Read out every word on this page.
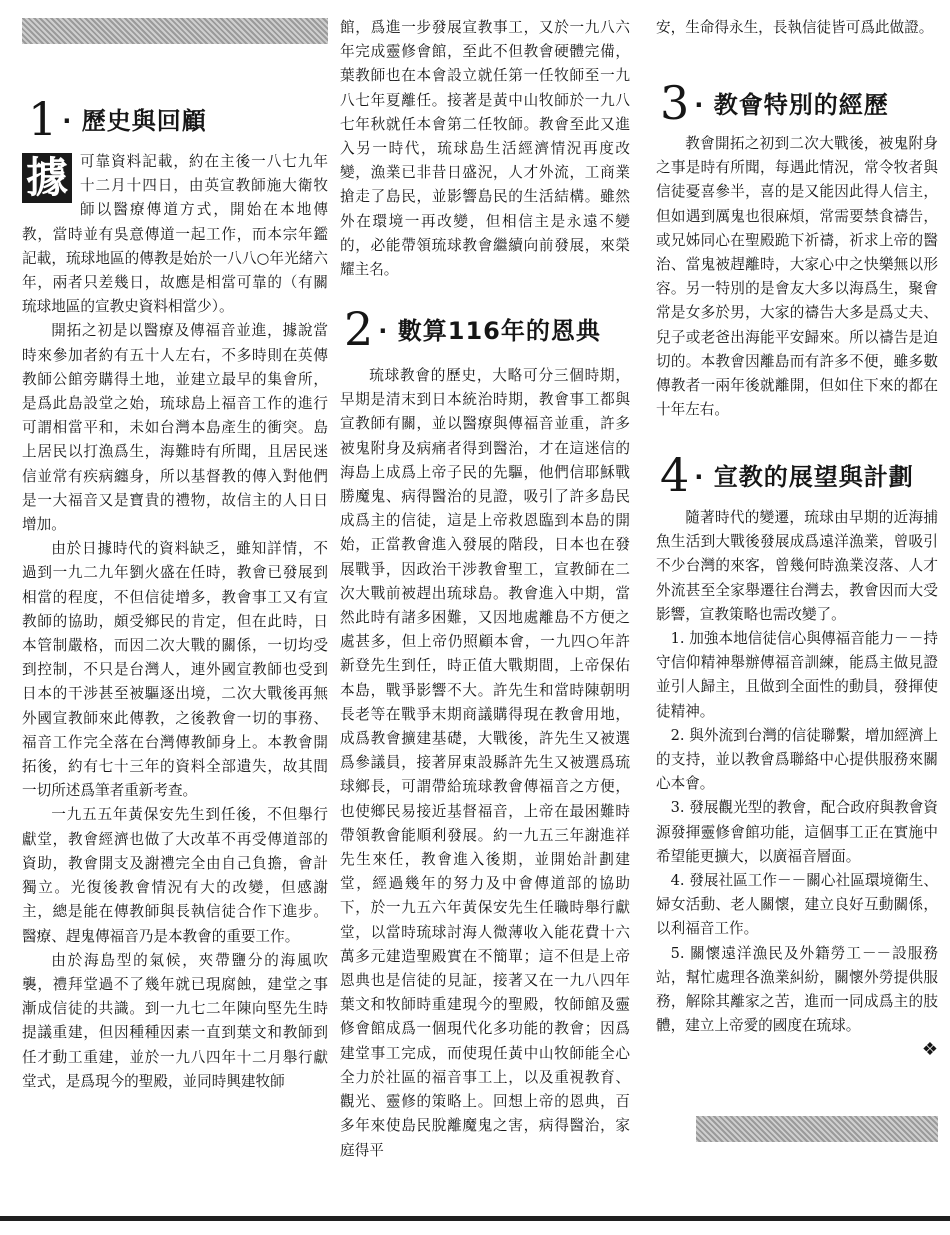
1 · 歷史與回顧

據 可靠資料記載，約在主後一八七九年十二月十四日，由英宣教師施大衛牧師以醫療傳道方式，開始在本地傳教，當時並有吳意傳道一起工作，而本宗年鑑記載，琉球地區的傳教是始於一八八○年光緒六年，兩者只差幾日，故應是相當可靠的（有關琉球地區的宣教史資料相當少）。

開拓之初是以醫療及傳福音並進，據說當時來參加者約有五十人左右，不多時則在英傳教師公館旁購得土地，並建立最早的集會所，是爲此島設堂之始，琉球島上福音工作的進行可謂相當平和，未如台灣本島產生的衝突。島上居民以打漁爲生，海難時有所聞，且居民迷信並常有疾病纏身，所以基督教的傳入對他們是一大福音又是寶貴的禮物，故信主的人日日增加。

由於日據時代的資料缺乏，雖知詳情，不過到一九二九年劉火盛在任時，教會已發展到相當的程度，不但信徒增多，教會事工又有宣教師的協助，頗受鄉民的肯定，但在此時，日本管制嚴格，而因二次大戰的關係，一切均受到控制，不只是台灣人，連外國宣教師也受到日本的干涉甚至被驅逐出境，二次大戰後再無外國宣教師來此傳教，之後教會一切的事務、福音工作完全落在台灣傳教師身上。本教會開拓後，約有七十三年的資料全部遺失，故其間一切所述爲筆者重新考查。

一九五五年黃保安先生到任後，不但舉行獻堂，教會經濟也做了大改革不再受傳道部的資助，教會開支及謝禮完全由自己負擔，會計獨立。光復後教會情況有大的改變，但感謝主，總是能在傳教師與長執信徒合作下進步。醫療、趕鬼傳福音乃是本教會的重要工作。

由於海島型的氣候，夾帶鹽分的海風吹襲，禮拜堂過不了幾年就已現腐蝕，建堂之事漸成信徒的共識。到一九七二年陳向堅先生時提議重建，但因種種因素一直到葉文和教師到任才動工重建，並於一九八四年十二月舉行獻堂式，是爲現今的聖殿，並同時興建牧師

館，爲進一步發展宣教事工，又於一九八六年完成靈修會館，至此不但教會硬體完備，葉教師也在本會設立就任第一任牧師至一九八七年夏離任。接著是黃中山牧師於一九八七年秋就任本會第二任牧師。教會至此又進入另一時代，琉球島生活經濟情況再度改變，漁業已非昔日盛況，人才外流，工商業搶走了島民，並影響島民的生活結構。雖然外在環境一再改變，但相信主是永遠不變的，必能帶領琉球教會繼續向前發展，來榮耀主名。

2 · 數算116年的恩典

琉球教會的歷史，大略可分三個時期，早期是清末到日本統治時期，教會事工都與宣教師有關，並以醫療與傳福音並重，許多被鬼附身及病痛者得到醫治，才在這迷信的海島上成爲上帝子民的先驅，他們信耶穌戰勝魔鬼、病得醫治的見證，吸引了許多島民成爲主的信徒，這是上帝救恩臨到本島的開始，正當教會進入發展的階段，日本也在發展戰爭，因政治干涉教會聖工，宣教師在二次大戰前被趕出琉球島。教會進入中期，當然此時有諸多困難，又因地處離島不方便之處甚多，但上帝仍照顧本會，一九四○年許新登先生到任，時正值大戰期間，上帝保佑本島，戰爭影響不大。許先生和當時陳朝明長老等在戰爭末期商議購得現在教會用地，成爲教會擴建基礎，大戰後，許先生又被選爲參議員，接著屏東設縣許先生又被選爲琉球鄉長，可謂帶給琉球教會傳福音之方便，也使鄉民易接近基督福音，上帝在最困難時帶領教會能順利發展。約一九五三年謝進祥先生來任，教會進入後期，並開始計劃建堂，經過幾年的努力及中會傳道部的協助下，於一九五六年黃保安先生任職時舉行獻堂，以當時琉球討海人微薄收入能花費十六萬多元建造聖殿實在不簡單；這不但是上帝恩典也是信徒的見証，接著又在一九八四年葉文和牧師時重建現今的聖殿，牧師館及靈修會館成爲一個現代化多功能的教會；因爲建堂事工完成，而使現任黃中山牧師能全心全力於社區的福音事工上，以及重視教育、觀光、靈修的策略上。回想上帝的恩典，百多年來使島民脫離魔鬼之害，病得醫治，家庭得平

安，生命得永生，長執信徒皆可爲此做證。

3 · 教會特別的經歷

教會開拓之初到二次大戰後，被鬼附身之事是時有所聞，每遇此情況，常令牧者與信徒憂喜參半，喜的是又能因此得人信主，但如遇到厲鬼也很麻煩，常需要禁食禱告，或兄姊同心在聖殿跪下祈禱，祈求上帝的醫治、當鬼被趕離時，大家心中之快樂無以形容。另一特別的是會友大多以海爲生，聚會常是女多於男，大家的禱告大多是爲丈夫、兒子或老爸出海能平安歸來。所以禱告是迫切的。本教會因離島而有許多不便，雖多數傳教者一兩年後就離開，但如住下來的都在十年左右。

4 · 宣教的展望與計劃

隨著時代的變遷，琉球由早期的近海捕魚生活到大戰後發展成爲遠洋漁業，曾吸引不少台灣的來客，曾幾何時漁業沒落、人才外流甚至全家舉遷往台灣去，教會因而大受影響，宣教策略也需改變了。

1. 加強本地信徒信心與傳福音能力－－持守信仰精神舉辦傳福音訓練，能爲主做見證並引人歸主，且做到全面性的動員，發揮使徒精神。

2. 與外流到台灣的信徒聯繫，增加經濟上的支持，並以教會爲聯絡中心提供服務來關心本會。

3. 發展觀光型的教會，配合政府與教會資源發揮靈修會館功能，這個事工正在實施中希望能更擴大，以廣福音層面。

4. 發展社區工作－－關心社區環境衛生、婦女活動、老人關懷，建立良好互動關係，以利福音工作。

5. 關懷遠洋漁民及外籍勞工－－設服務站，幫忙處理各漁業糾紛，關懷外勞提供服務，解除其離家之苦，進而一同成爲主的肢體，建立上帝愛的國度在琉球。

❖
